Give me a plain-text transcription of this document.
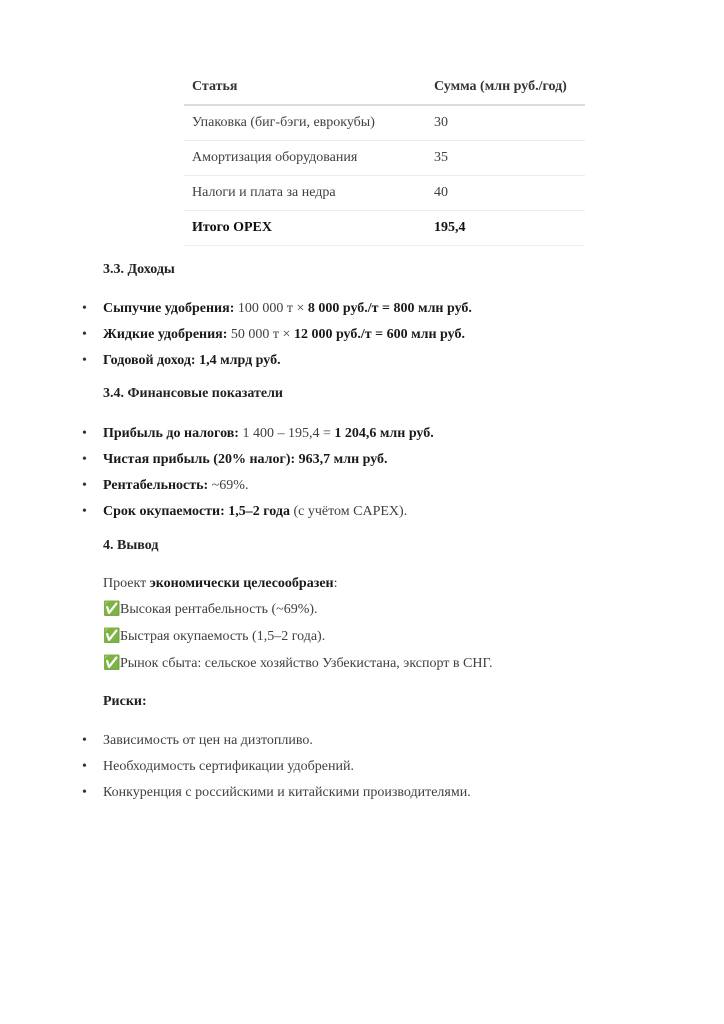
Статья	Сумма (млн руб./год)
Упаковка (биг-бэги, еврокубы)	30
Амортизация оборудования	35
Налоги и плата за недра	40
Итого OPEX	195,4
3.3. Доходы
• Сыпучие удобрения: 100 000 т × 8 000 руб./т = 800 млн руб.
• Жидкие удобрения: 50 000 т × 12 000 руб./т = 600 млн руб.
• Годовой доход: 1,4 млрд руб.
3.4. Финансовые показатели
• Прибыль до налогов: 1 400 – 195,4 = 1 204,6 млн руб.
• Чистая прибыль (20% налог): 963,7 млн руб.
• Рентабельность: ~69%.
• Срок окупаемости: 1,5–2 года (с учётом CAPEX).
4. Вывод
Проект экономически целесообразен:
✅Высокая рентабельность (~69%).
✅Быстрая окупаемость (1,5–2 года).
✅Рынок сбыта: сельское хозяйство Узбекистана, экспорт в СНГ.
Риски:
• Зависимость от цен на дизтопливо.
• Необходимость сертификации удобрений.
• Конкуренция с российскими и китайскими производителями.
